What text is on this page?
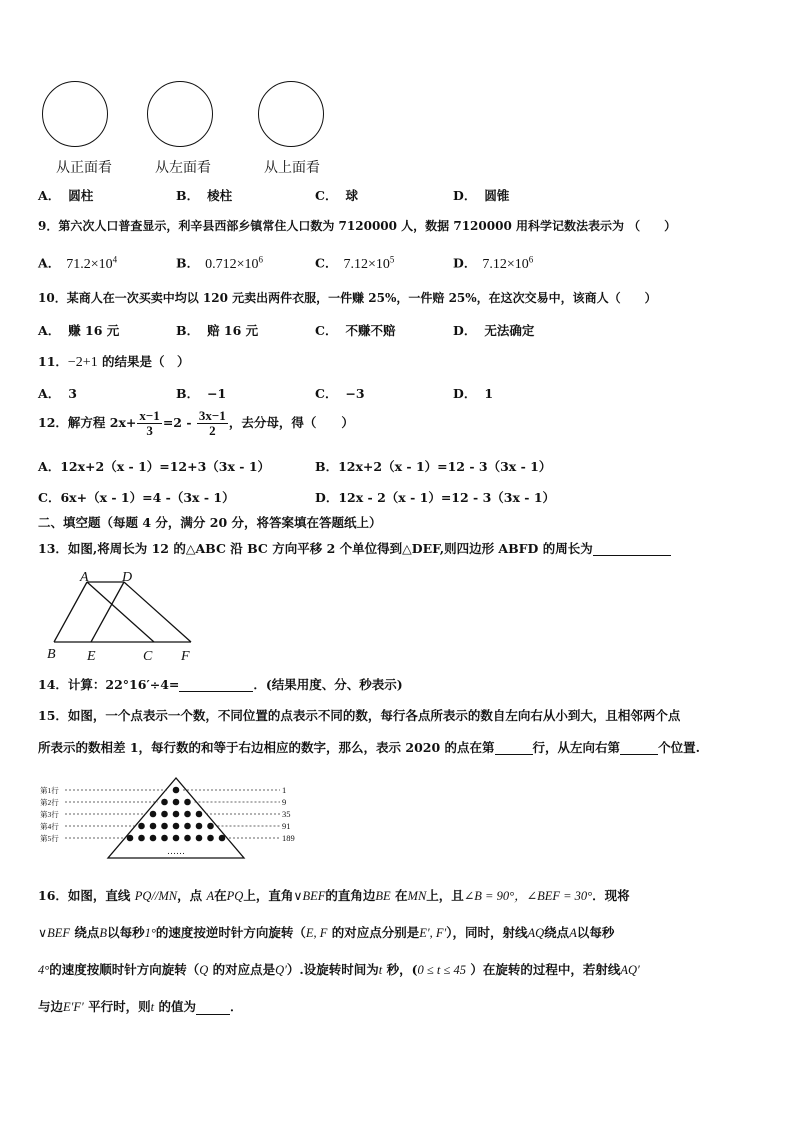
从正面看	从左面看	从上面看
A． 圆柱	B． 棱柱	C． 球	D． 圆锥
9．第六次人口普查显示，利辛县西部乡镇常住人口数为 7120000 人，数据 7120000 用科学记数法表示为 （　　）
A． $71.2\times 10^4$	B． $0.712\times 10^6$	C． $7.12\times 10^5$	D． $7.12\times 10^6$
10．某商人在一次买卖中均以 120 元卖出两件衣服，一件赚 25%，一件赔 25%，在这次交易中，该商人（　　）
A． 赚 16 元	B． 赔 16 元	C． 不赚不赔	D． 无法确定
11．−2+1 的结果是（　）
A． 3	B． −1	C． −3	D． 1
12．解方程 $2x+ \frac{x-1}{3} =2 - \frac{3x-1}{2}$ ，去分母，得（　　）
A．12x+2（x - 1）=12+3（3x - 1）	B．12x+2（x - 1）=12 - 3（3x - 1）
C．6x+（x - 1）=4 -（3x - 1）	D．12x - 2（x - 1）=12 - 3（3x - 1）
二、填空题（每题 4 分，满分 20 分，将答案填在答题纸上）
13．如图,将周长为 12 的△ABC 沿 BC 方向平移 2 个单位得到△DEF,则四边形 ABFD 的周长为
A D
B E	C F
14．计算：22°16′÷4=	．(结果用度、分、秒表示)
15．如图，一个点表示一个数，不同位置的点表示不同的数，每行各点所表示的数自左向右从小到大，且相邻两个点
所表示的数相差 1，每行数的和等于右边相应的数字，那么，表示 2020 的点在第	行，从左向右第	个位置.
第1行	1
第2行	9
第3行	35
第4行	91
第5行	189
……
16．如图，直线 PQ//MN，点 A在PQ上，直角∨BEF的直角边BE 在MN上，且∠B = 90°，∠BEF = 30°．现将
∨BEF 绕点B以每秒1°的速度按逆时针方向旋转（E, F 的对应点分别是E′, F′），同时，射线AQ绕点A以每秒
4°的速度按顺时针方向旋转（Q 的对应点是Q′）.设旋转时间为t 秒，(0 ≤ t ≤ 45 ）在旋转的过程中，若射线AQ′
与边E′F′ 平行时，则t 的值为	．
